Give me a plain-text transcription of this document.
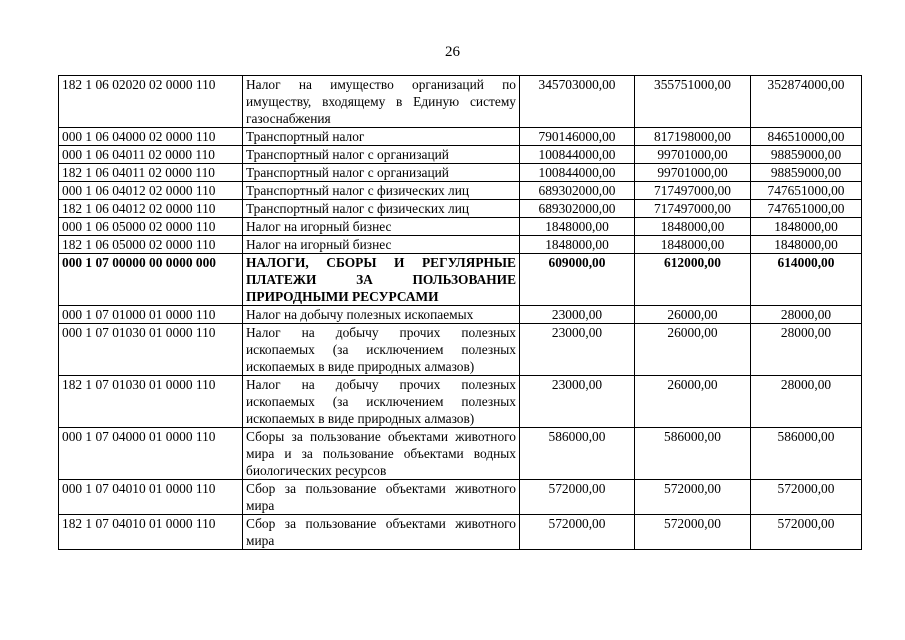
26
182 1 06 02020 02 0000 110	Налог на имущество организаций по имуществу, входящему в Единую систему газоснабжения	345703000,00	355751000,00	352874000,00
000 1 06 04000 02 0000 110	Транспортный налог	790146000,00	817198000,00	846510000,00
000 1 06 04011 02 0000 110	Транспортный налог с организаций	100844000,00	99701000,00	98859000,00
182 1 06 04011 02 0000 110	Транспортный налог с организаций	100844000,00	99701000,00	98859000,00
000 1 06 04012 02 0000 110	Транспортный налог с физических лиц	689302000,00	717497000,00	747651000,00
182 1 06 04012 02 0000 110	Транспортный налог с физических лиц	689302000,00	717497000,00	747651000,00
000 1 06 05000 02 0000 110	Налог на игорный бизнес	1848000,00	1848000,00	1848000,00
182 1 06 05000 02 0000 110	Налог на игорный бизнес	1848000,00	1848000,00	1848000,00
000 1 07 00000 00 0000 000	НАЛОГИ, СБОРЫ И РЕГУЛЯРНЫЕ ПЛАТЕЖИ ЗА ПОЛЬЗОВАНИЕ ПРИРОДНЫМИ РЕСУРСАМИ	609000,00	612000,00	614000,00
000 1 07 01000 01 0000 110	Налог на добычу полезных ископаемых	23000,00	26000,00	28000,00
000 1 07 01030 01 0000 110	Налог на добычу прочих полезных ископаемых (за исключением полезных ископаемых в виде природных алмазов)	23000,00	26000,00	28000,00
182 1 07 01030 01 0000 110	Налог на добычу прочих полезных ископаемых (за исключением полезных ископаемых в виде природных алмазов)	23000,00	26000,00	28000,00
000 1 07 04000 01 0000 110	Сборы за пользование объектами животного мира и за пользование объектами водных биологических ресурсов	586000,00	586000,00	586000,00
000 1 07 04010 01 0000 110	Сбор за пользование объектами животного мира	572000,00	572000,00	572000,00
182 1 07 04010 01 0000 110	Сбор за пользование объектами животного мира	572000,00	572000,00	572000,00
